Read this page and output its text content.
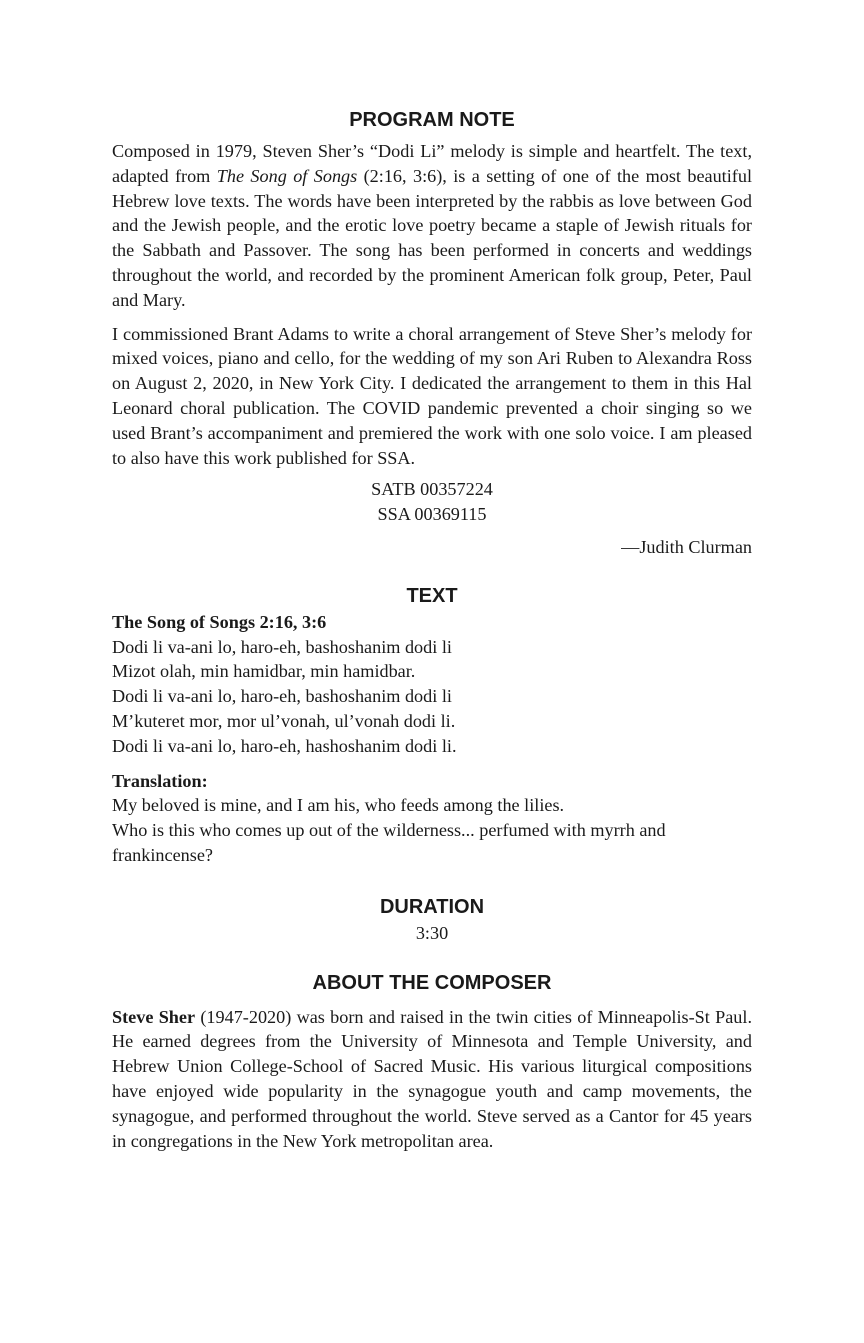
PROGRAM NOTE

Composed in 1979, Steven Sher’s “Dodi Li” melody is simple and heartfelt. The text, adapted from The Song of Songs (2:16, 3:6), is a setting of one of the most beautiful Hebrew love texts. The words have been interpreted by the rabbis as love between God and the Jewish people, and the erotic love poetry became a staple of Jewish rituals for the Sabbath and Passover. The song has been performed in concerts and weddings throughout the world, and recorded by the prominent American folk group, Peter, Paul and Mary.

I commissioned Brant Adams to write a choral arrangement of Steve Sher’s melody for mixed voices, piano and cello, for the wedding of my son Ari Ruben to Alexandra Ross on August 2, 2020, in New York City. I dedicated the arrangement to them in this Hal Leonard choral publication. The COVID pandemic prevented a choir singing so we used Brant’s accompaniment and premiered the work with one solo voice. I am pleased to also have this work published for SSA.

SATB 00357224
SSA 00369115
—Judith Clurman
TEXT
The Song of Songs 2:16, 3:6
Dodi li va-ani lo, haro-eh, bashoshanim dodi li
Mizot olah, min hamidbar, min hamidbar.
Dodi li va-ani lo, haro-eh, bashoshanim dodi li
M’kuteret mor, mor ul’vonah, ul’vonah dodi li.
Dodi li va-ani lo, haro-eh, hashoshanim dodi li.
Translation:
My beloved is mine, and I am his, who feeds among the lilies.

Who is this who comes up out of the wilderness... perfumed with myrrh and frankincense?

DURATION
3:30
ABOUT THE COMPOSER

Steve Sher (1947-2020) was born and raised in the twin cities of Minneapolis-St Paul. He earned degrees from the University of Minnesota and Temple University, and Hebrew Union College-School of Sacred Music. His various liturgical compositions have enjoyed wide popularity in the synagogue youth and camp movements, the synagogue, and performed throughout the world. Steve served as a Cantor for 45 years in congregations in the New York metropolitan area.
